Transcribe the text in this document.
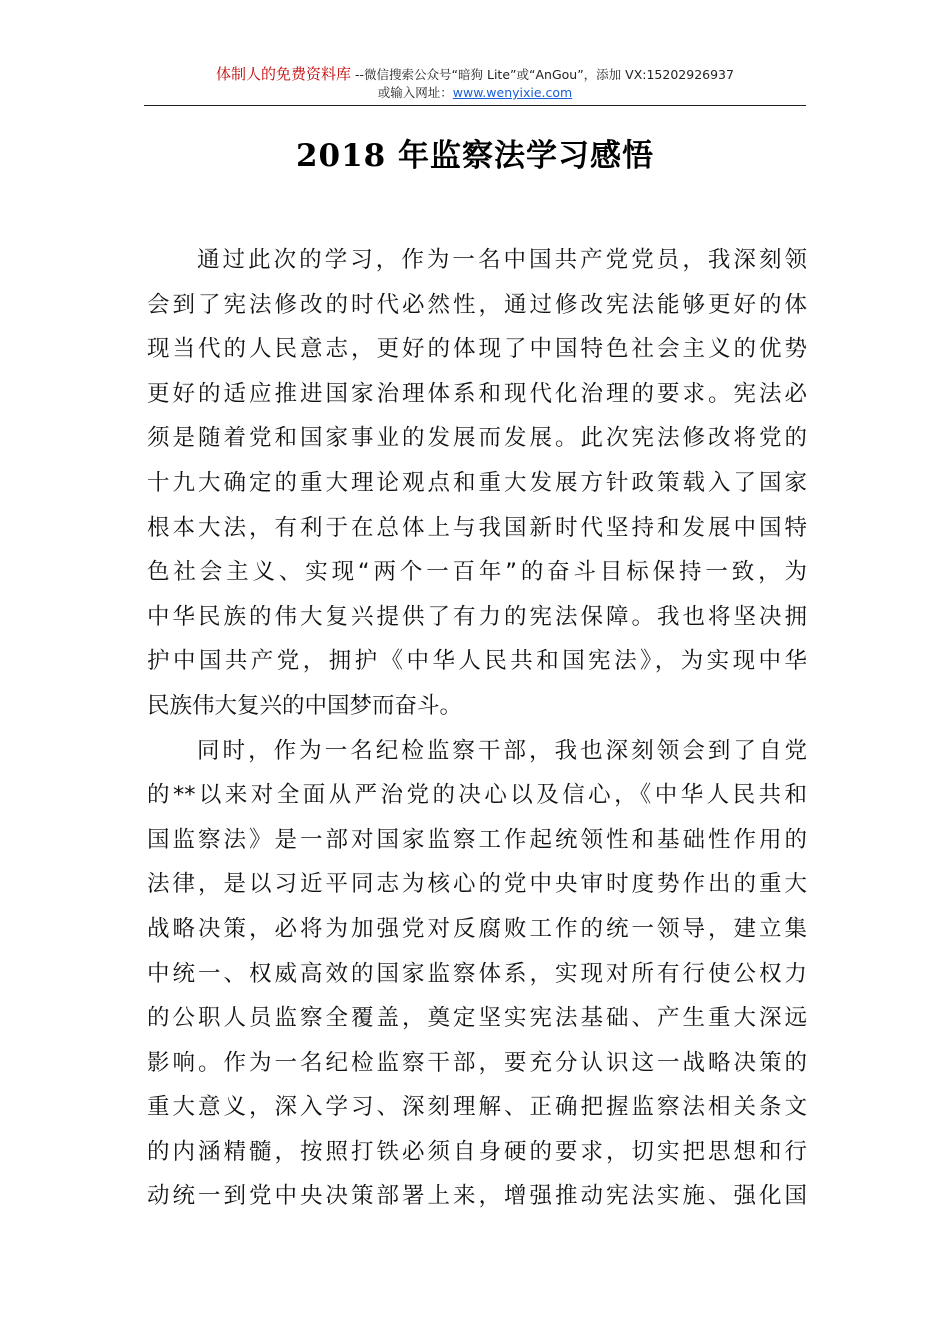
体制人的免费资料库 --微信搜索公众号“暗狗 Lite”或“AnGou”，添加 VX:15202926937
或输入网址：www.wenyixie.com
2018 年监察法学习感悟
通过此次的学习，作为一名中国共产党党员，我深刻领
会到了宪法修改的时代必然性，通过修改宪法能够更好的体
现当代的人民意志，更好的体现了中国特色社会主义的优势
更好的适应推进国家治理体系和现代化治理的要求。宪法必
须是随着党和国家事业的发展而发展。此次宪法修改将党的
十九大确定的重大理论观点和重大发展方针政策载入了国家
根本大法，有利于在总体上与我国新时代坚持和发展中国特
色社会主义、实现“两个一百年”的奋斗目标保持一致，为
中华民族的伟大复兴提供了有力的宪法保障。我也将坚决拥
护中国共产党，拥护《中华人民共和国宪法》，为实现中华
民族伟大复兴的中国梦而奋斗。
同时，作为一名纪检监察干部，我也深刻领会到了自党
的**以来对全面从严治党的决心以及信心，《中华人民共和
国监察法》是一部对国家监察工作起统领性和基础性作用的
法律，是以习近平同志为核心的党中央审时度势作出的重大
战略决策，必将为加强党对反腐败工作的统一领导，建立集
中统一、权威高效的国家监察体系，实现对所有行使公权力
的公职人员监察全覆盖，奠定坚实宪法基础、产生重大深远
影响。作为一名纪检监察干部，要充分认识这一战略决策的
重大意义，深入学习、深刻理解、正确把握监察法相关条文
的内涵精髓，按照打铁必须自身硬的要求，切实把思想和行
动统一到党中央决策部署上来，增强推动宪法实施、强化国
